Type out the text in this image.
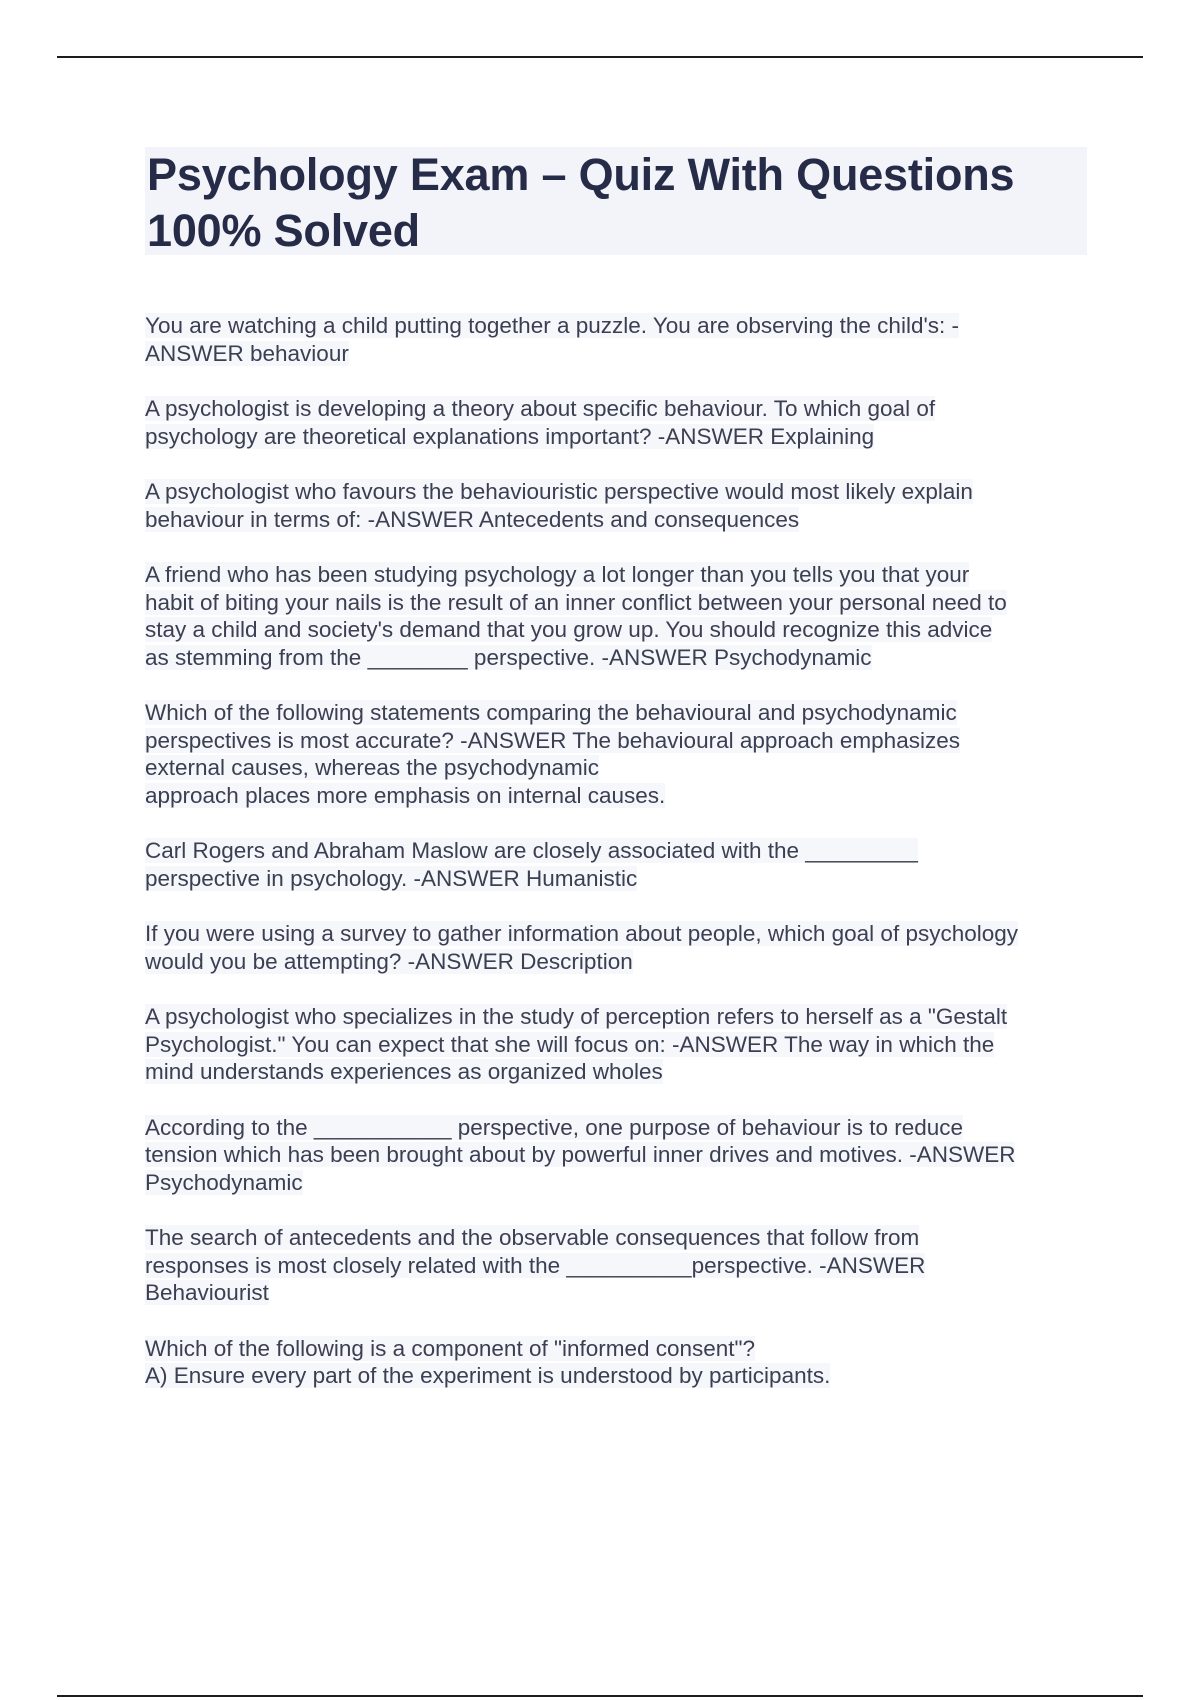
Psychology Exam – Quiz With Questions
100% Solved
You are watching a child putting together a puzzle. You are observing the child's: -
ANSWER behaviour
A psychologist is developing a theory about specific behaviour. To which goal of
psychology are theoretical explanations important? -ANSWER Explaining
A psychologist who favours the behaviouristic perspective would most likely explain
behaviour in terms of: -ANSWER Antecedents and consequences
A friend who has been studying psychology a lot longer than you tells you that your
habit of biting your nails is the result of an inner conflict between your personal need to
stay a child and society's demand that you grow up. You should recognize this advice
as stemming from the ________ perspective. -ANSWER Psychodynamic
Which of the following statements comparing the behavioural and psychodynamic
perspectives is most accurate? -ANSWER The behavioural approach emphasizes
external causes, whereas the psychodynamic
approach places more emphasis on internal causes.
Carl Rogers and Abraham Maslow are closely associated with the _________
perspective in psychology. -ANSWER Humanistic
If you were using a survey to gather information about people, which goal of psychology
would you be attempting? -ANSWER Description
A psychologist who specializes in the study of perception refers to herself as a "Gestalt
Psychologist." You can expect that she will focus on: -ANSWER The way in which the
mind understands experiences as organized wholes
According to the ___________ perspective, one purpose of behaviour is to reduce
tension which has been brought about by powerful inner drives and motives. -ANSWER
Psychodynamic
The search of antecedents and the observable consequences that follow from
responses is most closely related with the __________perspective. -ANSWER
Behaviourist
Which of the following is a component of "informed consent"?
A) Ensure every part of the experiment is understood by participants.
